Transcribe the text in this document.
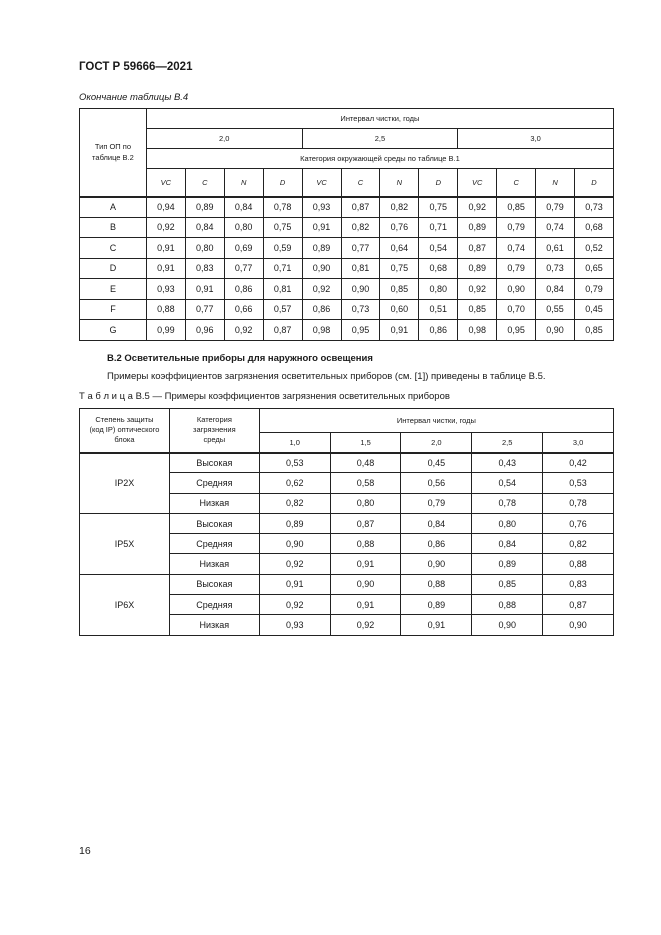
ГОСТ Р 59666—2021
Окончание таблицы В.4
Тип ОП по таблице В.2	Интервал чистки, годы											
	2,0				2,5				3,0			
	Категория окружающей среды по таблице В.1											
	VC	C	N	D	VC	C	N	D	VC	C	N	D
A	0,94	0,89	0,84	0,78	0,93	0,87	0,82	0,75	0,92	0,85	0,79	0,73
B	0,92	0,84	0,80	0,75	0,91	0,82	0,76	0,71	0,89	0,79	0,74	0,68
C	0,91	0,80	0,69	0,59	0,89	0,77	0,64	0,54	0,87	0,74	0,61	0,52
D	0,91	0,83	0,77	0,71	0,90	0,81	0,75	0,68	0,89	0,79	0,73	0,65
E	0,93	0,91	0,86	0,81	0,92	0,90	0,85	0,80	0,92	0,90	0,84	0,79
F	0,88	0,77	0,66	0,57	0,86	0,73	0,60	0,51	0,85	0,70	0,55	0,45
G	0,99	0,96	0,92	0,87	0,98	0,95	0,91	0,86	0,98	0,95	0,90	0,85
В.2 Осветительные приборы для наружного освещения
Примеры коэффициентов загрязнения осветительных приборов (см. [1]) приведены в таблице В.5.
Т а б л и ц а В.5 — Примеры коэффициентов загрязнения осветительных приборов
Степень защиты (код IP) оптического блока	Категория загрязнения среды	Интервал чистки, годы				
		1,0	1,5	2,0	2,5	3,0
IP2X	Высокая	0,53	0,48	0,45	0,43	0,42
	Средняя	0,62	0,58	0,56	0,54	0,53
	Низкая	0,82	0,80	0,79	0,78	0,78
IP5X	Высокая	0,89	0,87	0,84	0,80	0,76
	Средняя	0,90	0,88	0,86	0,84	0,82
	Низкая	0,92	0,91	0,90	0,89	0,88
IP6X	Высокая	0,91	0,90	0,88	0,85	0,83
	Средняя	0,92	0,91	0,89	0,88	0,87
	Низкая	0,93	0,92	0,91	0,90	0,90
16
